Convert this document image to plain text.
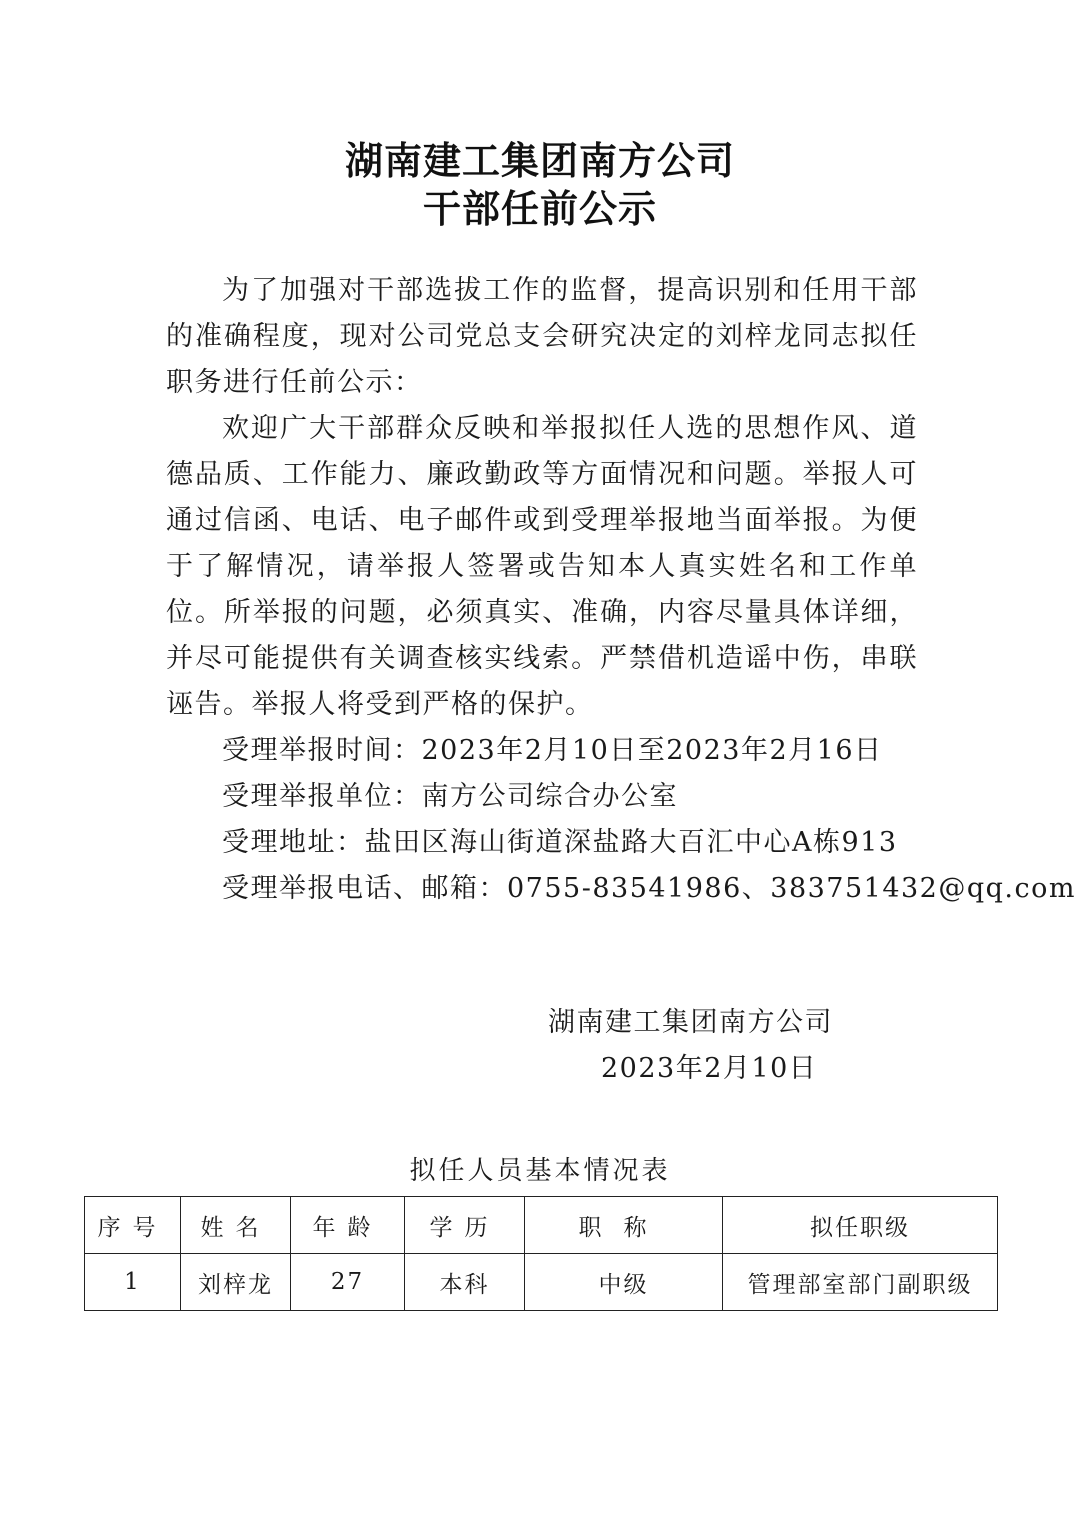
湖南建工集团南方公司
干部任前公示

为了加强对干部选拔工作的监督，提高识别和任用干部的准确程度，现对公司党总支会研究决定的刘梓龙同志拟任职务进行任前公示：

欢迎广大干部群众反映和举报拟任人选的思想作风、道德品质、工作能力、廉政勤政等方面情况和问题。举报人可通过信函、电话、电子邮件或到受理举报地当面举报。为便于了解情况，请举报人签署或告知本人真实姓名和工作单位。所举报的问题，必须真实、准确，内容尽量具体详细，并尽可能提供有关调查核实线索。严禁借机造谣中伤，串联诬告。举报人将受到严格的保护。

受理举报时间：2023年2月10日至2023年2月16日
受理举报单位：南方公司综合办公室
受理地址：盐田区海山街道深盐路大百汇中心A栋913
受理举报电话、邮箱：0755-83541986、383751432@qq.com
湖南建工集团南方公司
2023年2月10日
拟任人员基本情况表
序号	姓名	年龄	学历	职称	拟任职级
1	刘梓龙	27	本科	中级	管理部室部门副职级
